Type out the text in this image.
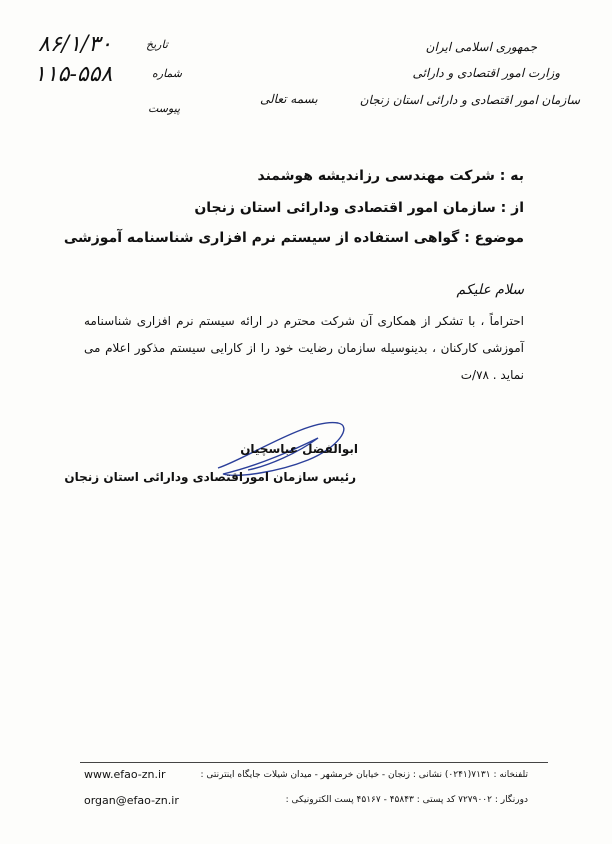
جمهوری اسلامی ایران
وزارت امور اقتصادی و دارائی
سازمان امور اقتصادی و دارائی استان زنجان
بسمه تعالی
تاریخ
شماره
پیوست
۸۶/۱/۳۰
۱۱۵-۵۵۸
به : شرکت مهندسی رزاندیشه هوشمند
از : سازمان امور اقتصادی ودارائی استان زنجان
موضوع : گواهی استفاده از سیستم نرم افزاری شناسنامه آموزشی
سلام علیکم
احتراماً ، با تشکر از همکاری آن شرکت محترم در ارائه سیستم نرم افزاری شناسنامه آموزشی کارکنان ، بدینوسیله سازمان رضایت خود را از کارایی سیستم مذکور اعلام می نماید . ۷۸/ت
ابوالفضل عباسچیان
رئیس سازمان اموراقتصادی ودارائی استان زنجان
تلفنخانه : ۷۱۳۱(۰۲۴۱) نشانی : زنجان - خیابان خرمشهر - میدان شیلات جایگاه اینترنتی :
دورنگار : ۷۲۷۹۰۰۲ کد پستی : ۴۵۸۴۳ - ۴۵۱۶۷ پست الکترونیکی :
www.efao-zn.ir
organ@efao-zn.ir
